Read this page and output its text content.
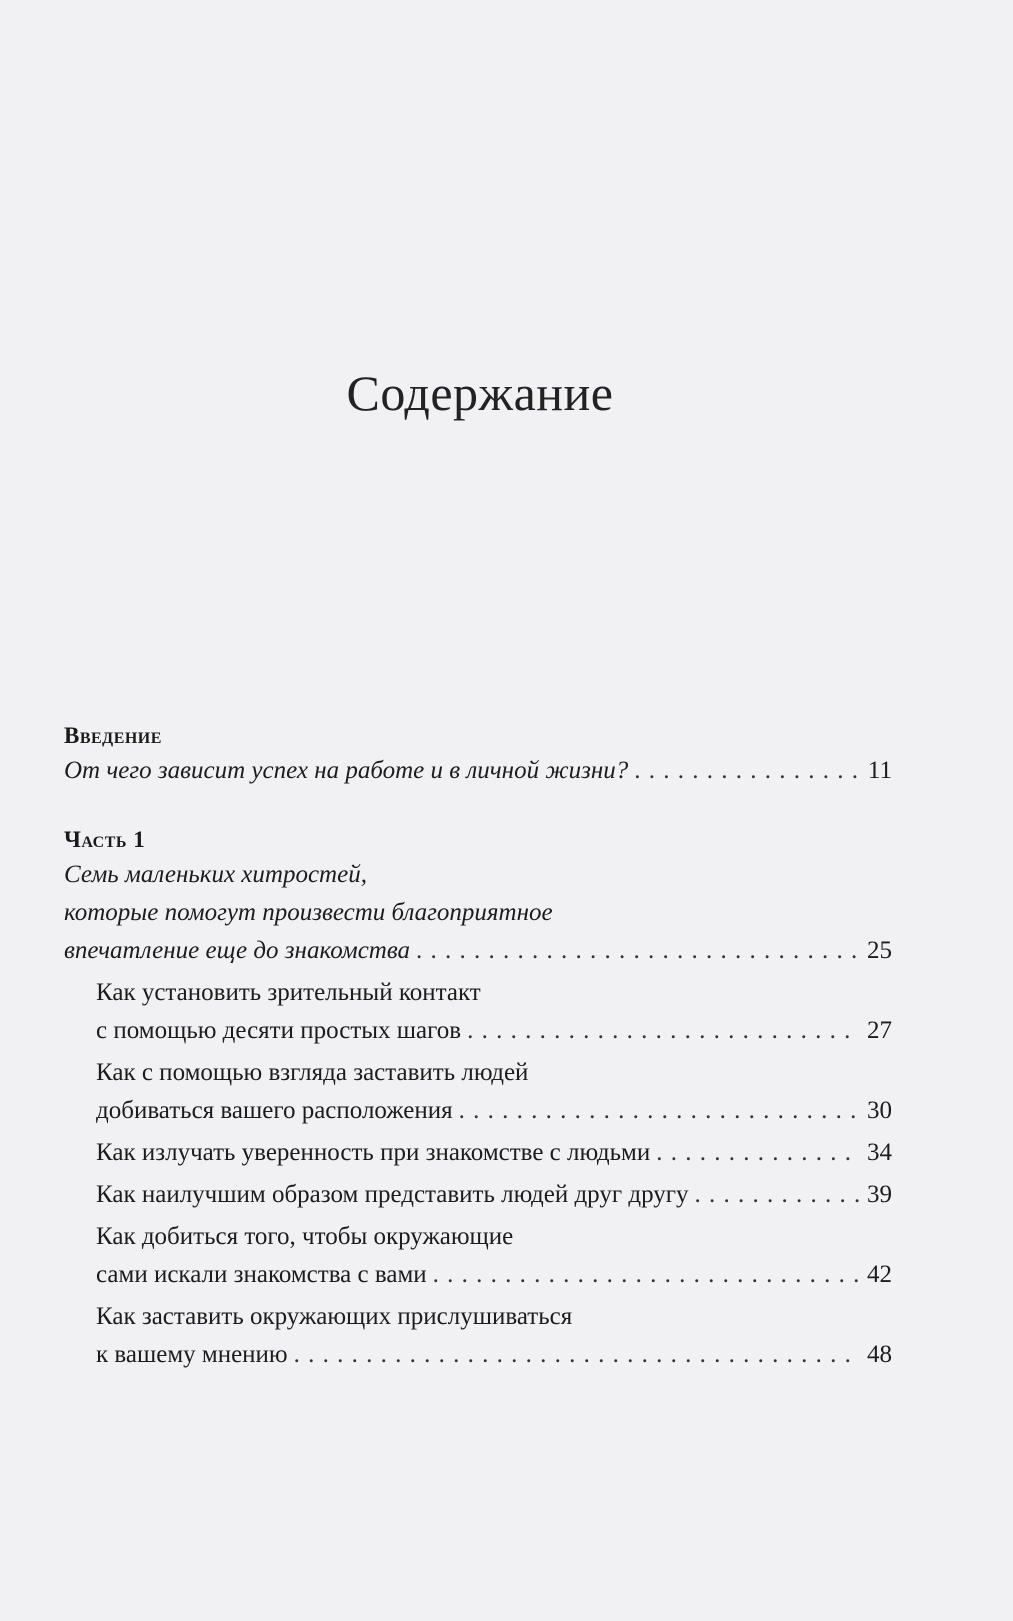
Содержание
Введение
От чего зависит успех на работе и в личной жизни? . . .	11
Часть 1
Семь маленьких хитростей,
которые помогут произвести благоприятное
впечатление еще до знакомства . . .	25
Как установить зрительный контакт
с помощью десяти простых шагов . . .	27
Как с помощью взгляда заставить людей
добиваться вашего расположения . . .	30
Как излучать уверенность при знакомстве с людьми . . .	34
Как наилучшим образом представить людей друг другу . . .	39
Как добиться того, чтобы окружающие
сами искали знакомства с вами . . .	42
Как заставить окружающих прислушиваться
к вашему мнению . . .	48
